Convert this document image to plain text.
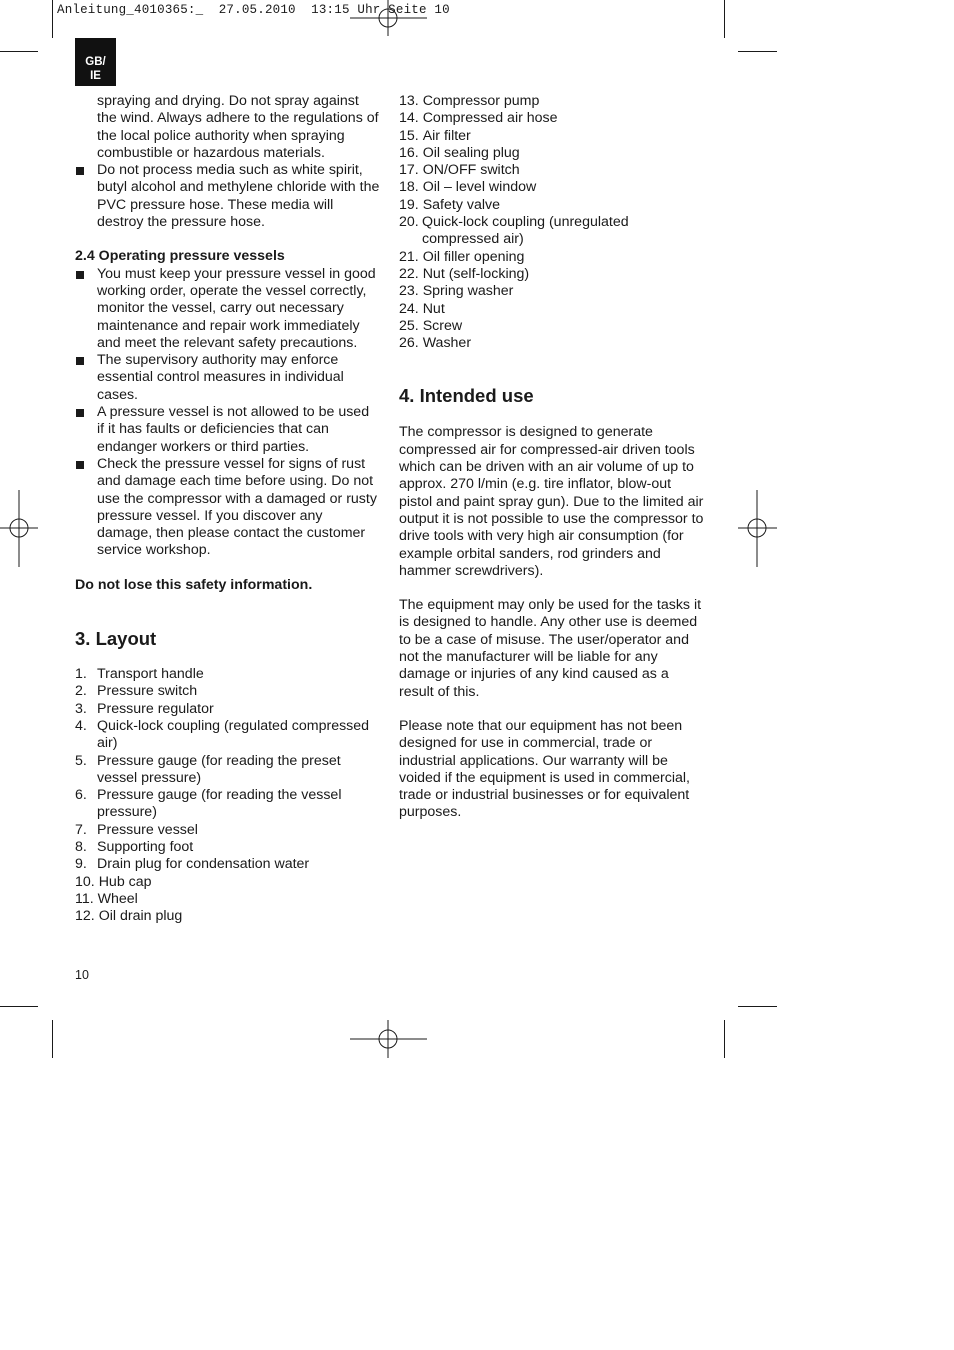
Anleitung_4010365:_ 27.05.2010 13:15 Uhr Seite 10
GB/
IE

spraying and drying. Do not spray against the wind. Always adhere to the regulations of the local police authority when spraying combustible or hazardous materials.

Do not process media such as white spirit, butyl alcohol and methylene chloride with the PVC pressure hose. These media will destroy the pressure hose.

2.4 Operating pressure vessels

You must keep your pressure vessel in good working order, operate the vessel correctly, monitor the vessel, carry out necessary maintenance and repair work immediately and meet the relevant safety precautions.
The supervisory authority may enforce essential control measures in individual cases.
A pressure vessel is not allowed to be used if it has faults or deficiencies that can endanger workers or third parties.
Check the pressure vessel for signs of rust and damage each time before using. Do not use the compressor with a damaged or rusty pressure vessel. If you discover any damage, then please contact the customer service workshop.

Do not lose this safety information.

3. Layout

1. Transport handle
2. Pressure switch
3. Pressure regulator
4. Quick-lock coupling (regulated compressed air)
5. Pressure gauge (for reading the preset vessel pressure)
6. Pressure gauge (for reading the vessel pressure)
7. Pressure vessel
8. Supporting foot
9. Drain plug for condensation water
10.
Hub cap
11.
Wheel
12.
Oil drain plug
13.
Compressor pump
14.
Compressed air hose
15.
Air filter
16.
Oil sealing plug
17.
ON/OFF switch
18.
Oil – level window
19.
Safety valve
20. Quick-lock coupling (unregulated compressed air)
21.
Oil filler opening
22.
Nut (self-locking)
23.
Spring washer
24.
Nut
25.
Screw
26.
Washer

4. Intended use

The compressor is designed to generate compressed air for compressed-air driven tools which can be driven with an air volume of up to approx. 270 l/min (e.g. tire inflator, blow-out pistol and paint spray gun). Due to the limited air output it is not possible to use the compressor to drive tools with very high air consumption (for example orbital sanders, rod grinders and hammer screwdrivers).

The equipment may only be used for the tasks it is designed to handle. Any other use is deemed to be a case of misuse. The user/operator and not the manufacturer will be liable for any damage or injuries of any kind caused as a result of this.

Please note that our equipment has not been designed for use in commercial, trade or industrial applications. Our warranty will be voided if the equipment is used in commercial, trade or industrial businesses or for equivalent purposes.

10
